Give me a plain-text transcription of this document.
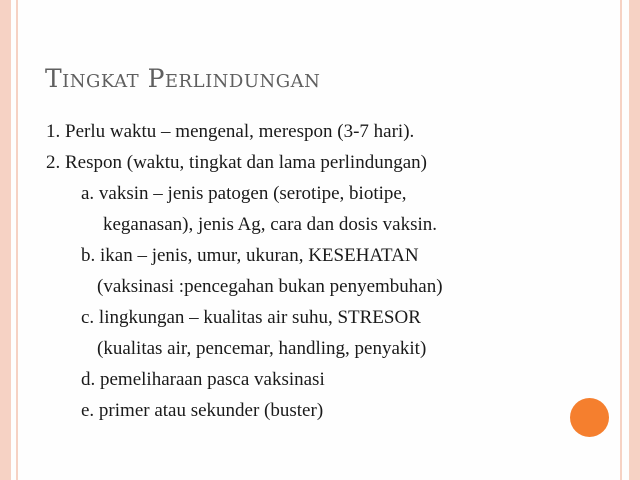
Tingkat Perlindungan
1. Perlu waktu – mengenal, merespon (3-7 hari).
2. Respon (waktu, tingkat dan lama perlindungan)
a. vaksin – jenis patogen (serotipe, biotipe,
keganasan), jenis Ag, cara dan dosis vaksin.
b. ikan – jenis, umur, ukuran, KESEHATAN
(vaksinasi :pencegahan bukan penyembuhan)
c. lingkungan – kualitas air suhu, STRESOR
(kualitas air, pencemar, handling, penyakit)
d. pemeliharaan pasca vaksinasi
e. primer atau sekunder (buster)
